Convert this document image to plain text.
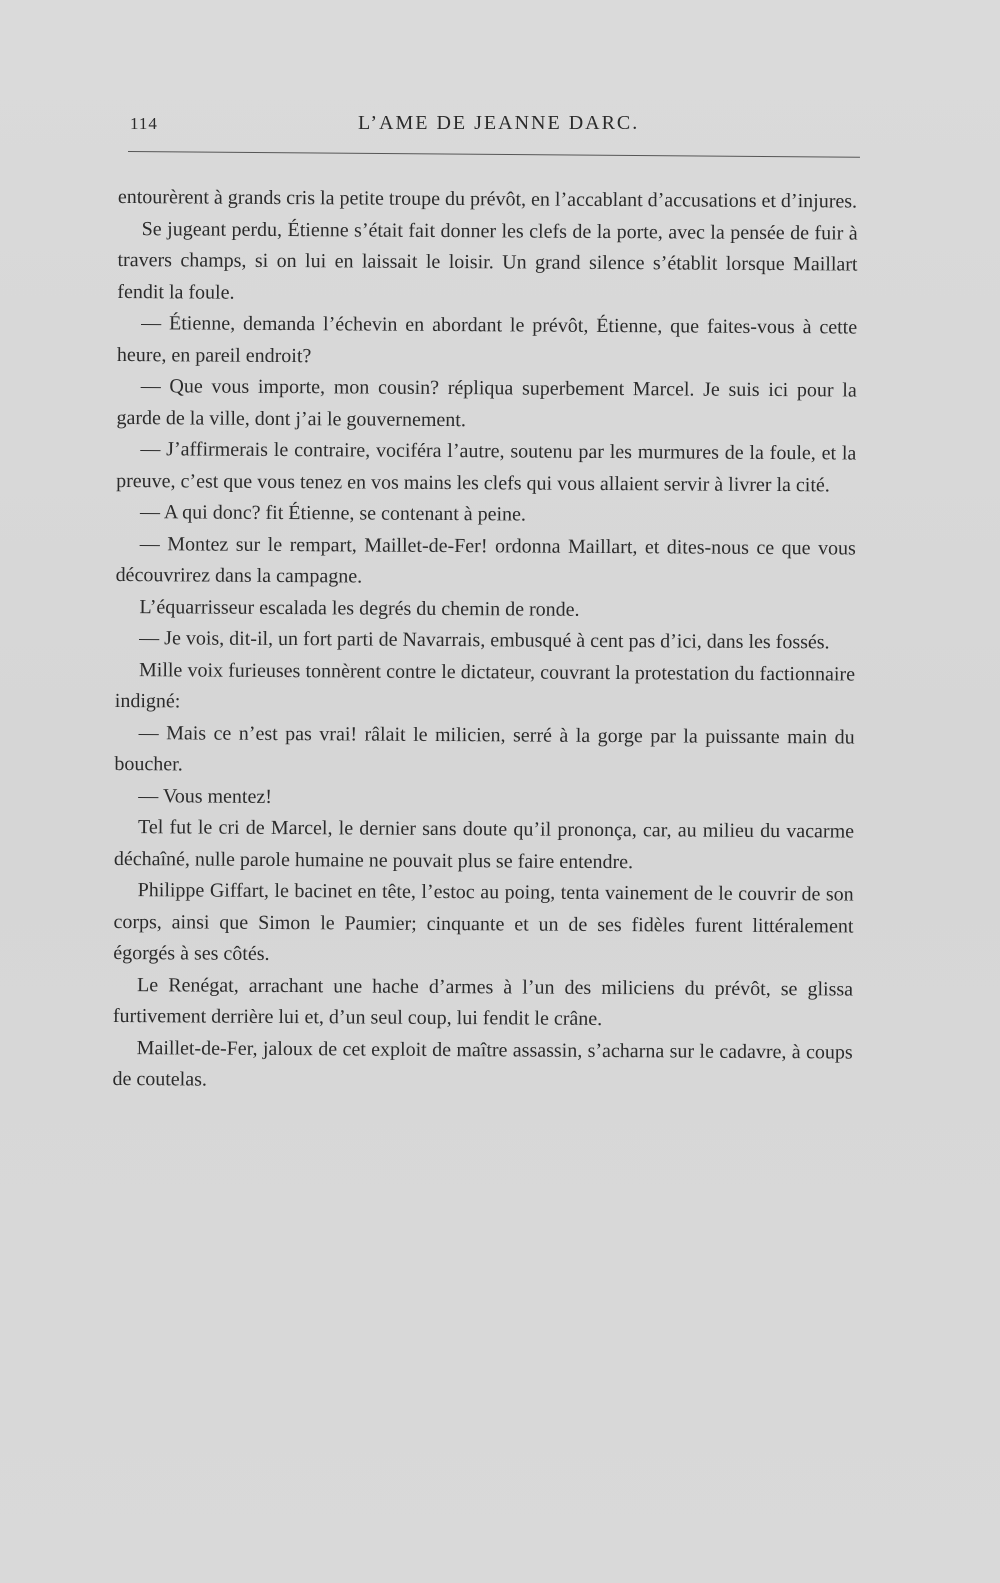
114	L’AME DE JEANNE DARC.

entourèrent à grands cris la petite troupe du prévôt, en l’accablant d’accusations et d’injures.

Se jugeant perdu, Étienne s’était fait donner les clefs de la porte, avec la pensée de fuir à travers champs, si on lui en laissait le loisir. Un grand silence s’établit lorsque Maillart fendit la foule.

— Étienne, demanda l’échevin en abordant le prévôt, Étienne, que faites-vous à cette heure, en pareil endroit?

— Que vous importe, mon cousin? répliqua superbement Marcel. Je suis ici pour la garde de la ville, dont j’ai le gouvernement.

— J’affirmerais le contraire, vociféra l’autre, soutenu par les murmures de la foule, et la preuve, c’est que vous tenez en vos mains les clefs qui vous allaient servir à livrer la cité.

— A qui donc? fit Étienne, se contenant à peine.

— Montez sur le rempart, Maillet-de-Fer! ordonna Maillart, et dites-nous ce que vous découvrirez dans la campagne.

L’équarrisseur escalada les degrés du chemin de ronde.

— Je vois, dit-il, un fort parti de Navarrais, embusqué à cent pas d’ici, dans les fossés.

Mille voix furieuses tonnèrent contre le dictateur, couvrant la protestation du factionnaire indigné:

— Mais ce n’est pas vrai! râlait le milicien, serré à la gorge par la puissante main du boucher.

— Vous mentez!

Tel fut le cri de Marcel, le dernier sans doute qu’il prononça, car, au milieu du vacarme déchaîné, nulle parole humaine ne pouvait plus se faire entendre.

Philippe Giffart, le bacinet en tête, l’estoc au poing, tenta vainement de le couvrir de son corps, ainsi que Simon le Paumier; cinquante et un de ses fidèles furent littéralement égorgés à ses côtés.

Le Renégat, arrachant une hache d’armes à l’un des miliciens du prévôt, se glissa furtivement derrière lui et, d’un seul coup, lui fendit le crâne.

Maillet-de-Fer, jaloux de cet exploit de maître assassin, s’acharna sur le cadavre, à coups de coutelas.
